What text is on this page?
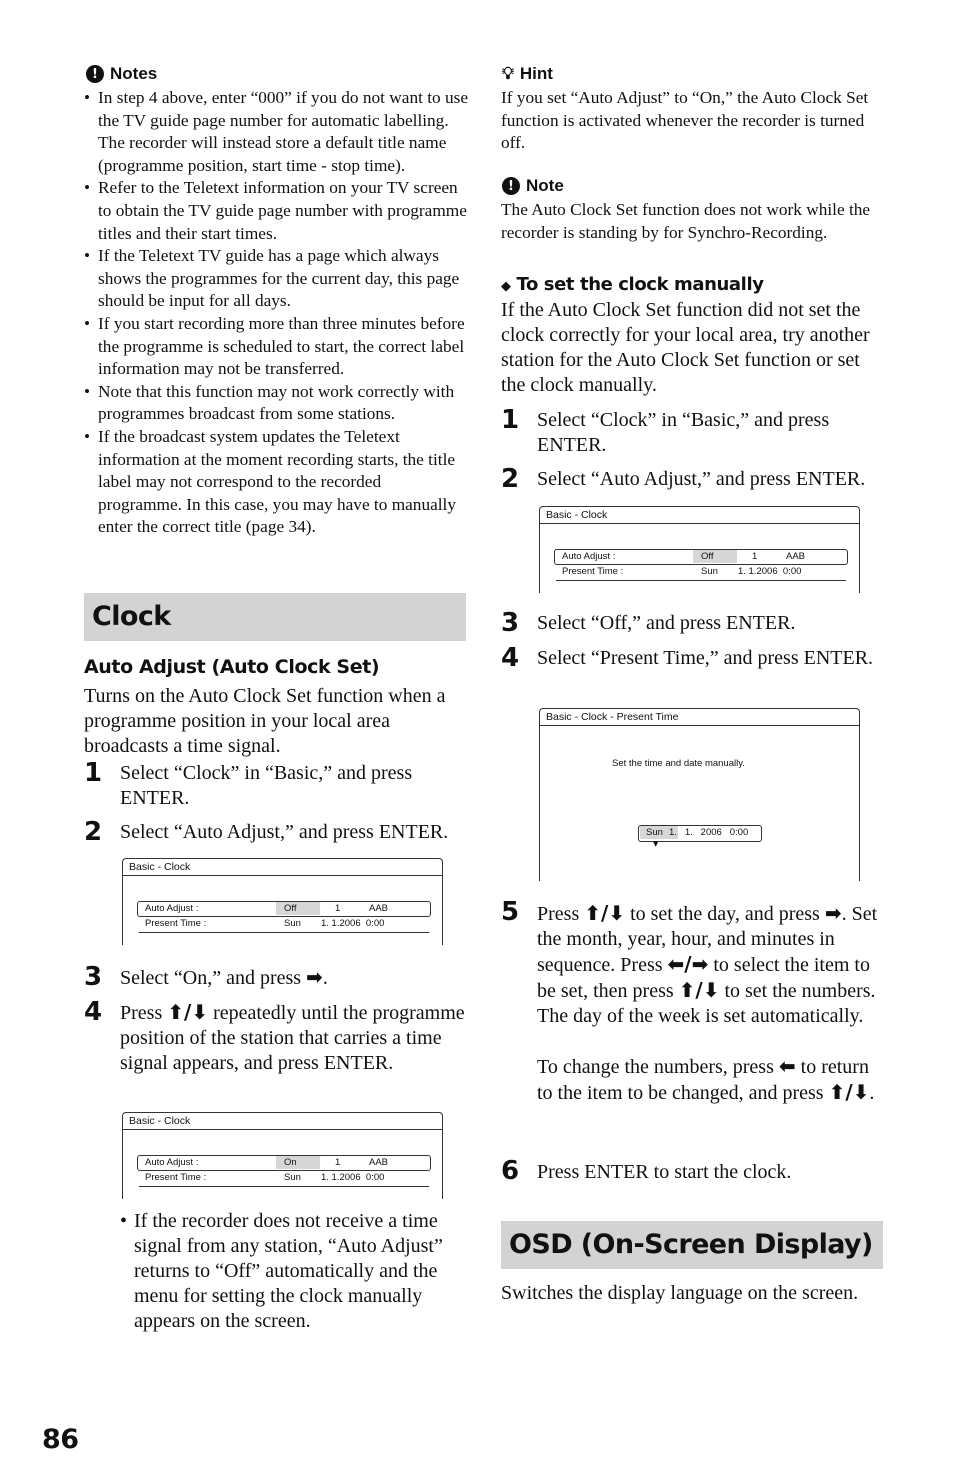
! Notes
• In step 4 above, enter “000” if you do not want to use the TV guide page number for automatic labelling. The recorder will instead store a default title name (programme position, start time - stop time).
• Refer to the Teletext information on your TV screen to obtain the TV guide page number with programme titles and their start times.
• If the Teletext TV guide has a page which always shows the programmes for the current day, this page should be input for all days.
• If you start recording more than three minutes before the programme is scheduled to start, the correct label information may not be transferred.
• Note that this function may not work correctly with programmes broadcast from some stations.
• If the broadcast system updates the Teletext information at the moment recording starts, the title label may not correspond to the recorded programme. In this case, you may have to manually enter the correct title (page 34).
Clock
Auto Adjust (Auto Clock Set)
Turns on the Auto Clock Set function when a programme position in your local area broadcasts a time signal.
1 Select “Clock” in “Basic,” and press ENTER.
2 Select “Auto Adjust,” and press ENTER.
Basic - Clock
Auto Adjust :	Off	1	AAB
Present Time :	Sun 1. 1.2006  0:00
3 Select “On,” and press ➡.
4 Press ⬆/⬇ repeatedly until the programme position of the station that carries a time signal appears, and press ENTER.
Basic - Clock
Auto Adjust :	On	1	AAB
Present Time :	Sun 1. 1.2006  0:00
• If the recorder does not receive a time signal from any station, “Auto Adjust” returns to “Off” automatically and the menu for setting the clock manually appears on the screen.
86
💡︎ Hint
If you set “Auto Adjust” to “On,” the Auto Clock Set function is activated whenever the recorder is turned off.
! Note
The Auto Clock Set function does not work while the recorder is standing by for Synchro-Recording.
◆ To set the clock manually
If the Auto Clock Set function did not set the clock correctly for your local area, try another station for the Auto Clock Set function or set the clock manually.
1 Select “Clock” in “Basic,” and press ENTER.
2 Select “Auto Adjust,” and press ENTER.
Basic - Clock
Auto Adjust :	Off	1	AAB
Present Time :	Sun 1. 1.2006  0:00
3 Select “Off,” and press ENTER.
4 Select “Present Time,” and press ENTER.
Basic - Clock - Present Time
Set the time and date manually.
Sun 1.   1.   2006   0:00
▼
5 Press ⬆/⬇ to set the day, and press ➡. Set the month, year, hour, and minutes in sequence. Press ⬅/➡ to select the item to be set, then press ⬆/⬇ to set the numbers. The day of the week is set automatically.
To change the numbers, press ⬅ to return to the item to be changed, and press ⬆/⬇.
6 Press ENTER to start the clock.
OSD (On-Screen Display)
Switches the display language on the screen.
